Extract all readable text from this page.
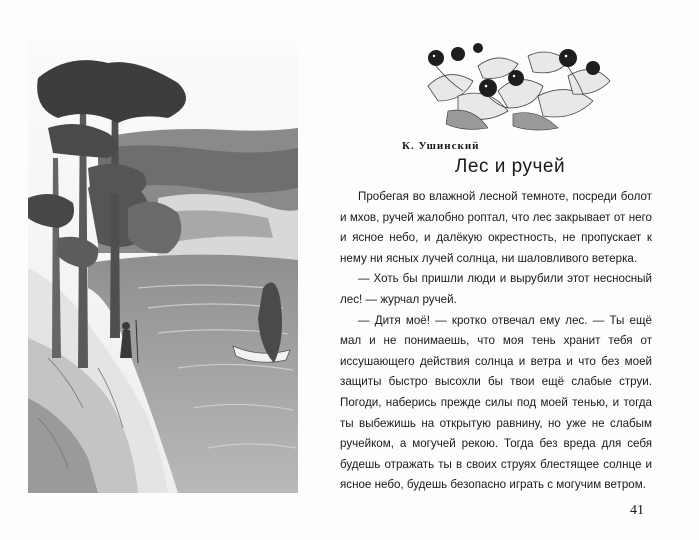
К. Ушинский
Лес и ручей

Пробегая во влажной лесной темноте, посреди болот и мхов, ручей жалобно роптал, что лес закрывает от него и ясное небо, и далёкую окрестность, не пропускает к нему ни ясных лучей солнца, ни шаловливого ветерка.

— Хоть бы пришли люди и вырубили этот несносный лес! — журчал ручей.

— Дитя моё! — кротко отвечал ему лес. — Ты ещё мал и не понимаешь, что моя тень хранит тебя от иссушающего действия солнца и ветра и что без моей защиты быстро высохли бы твои ещё слабые струи. Погоди, наберись прежде силы под моей тенью, и тогда ты выбежишь на открытую равнину, но уже не слабым ручейком, а могучей рекою. Тогда без вреда для себя будешь отражать ты в своих струях блестящее солнце и ясное небо, будешь безопасно играть с могучим ветром.

41
